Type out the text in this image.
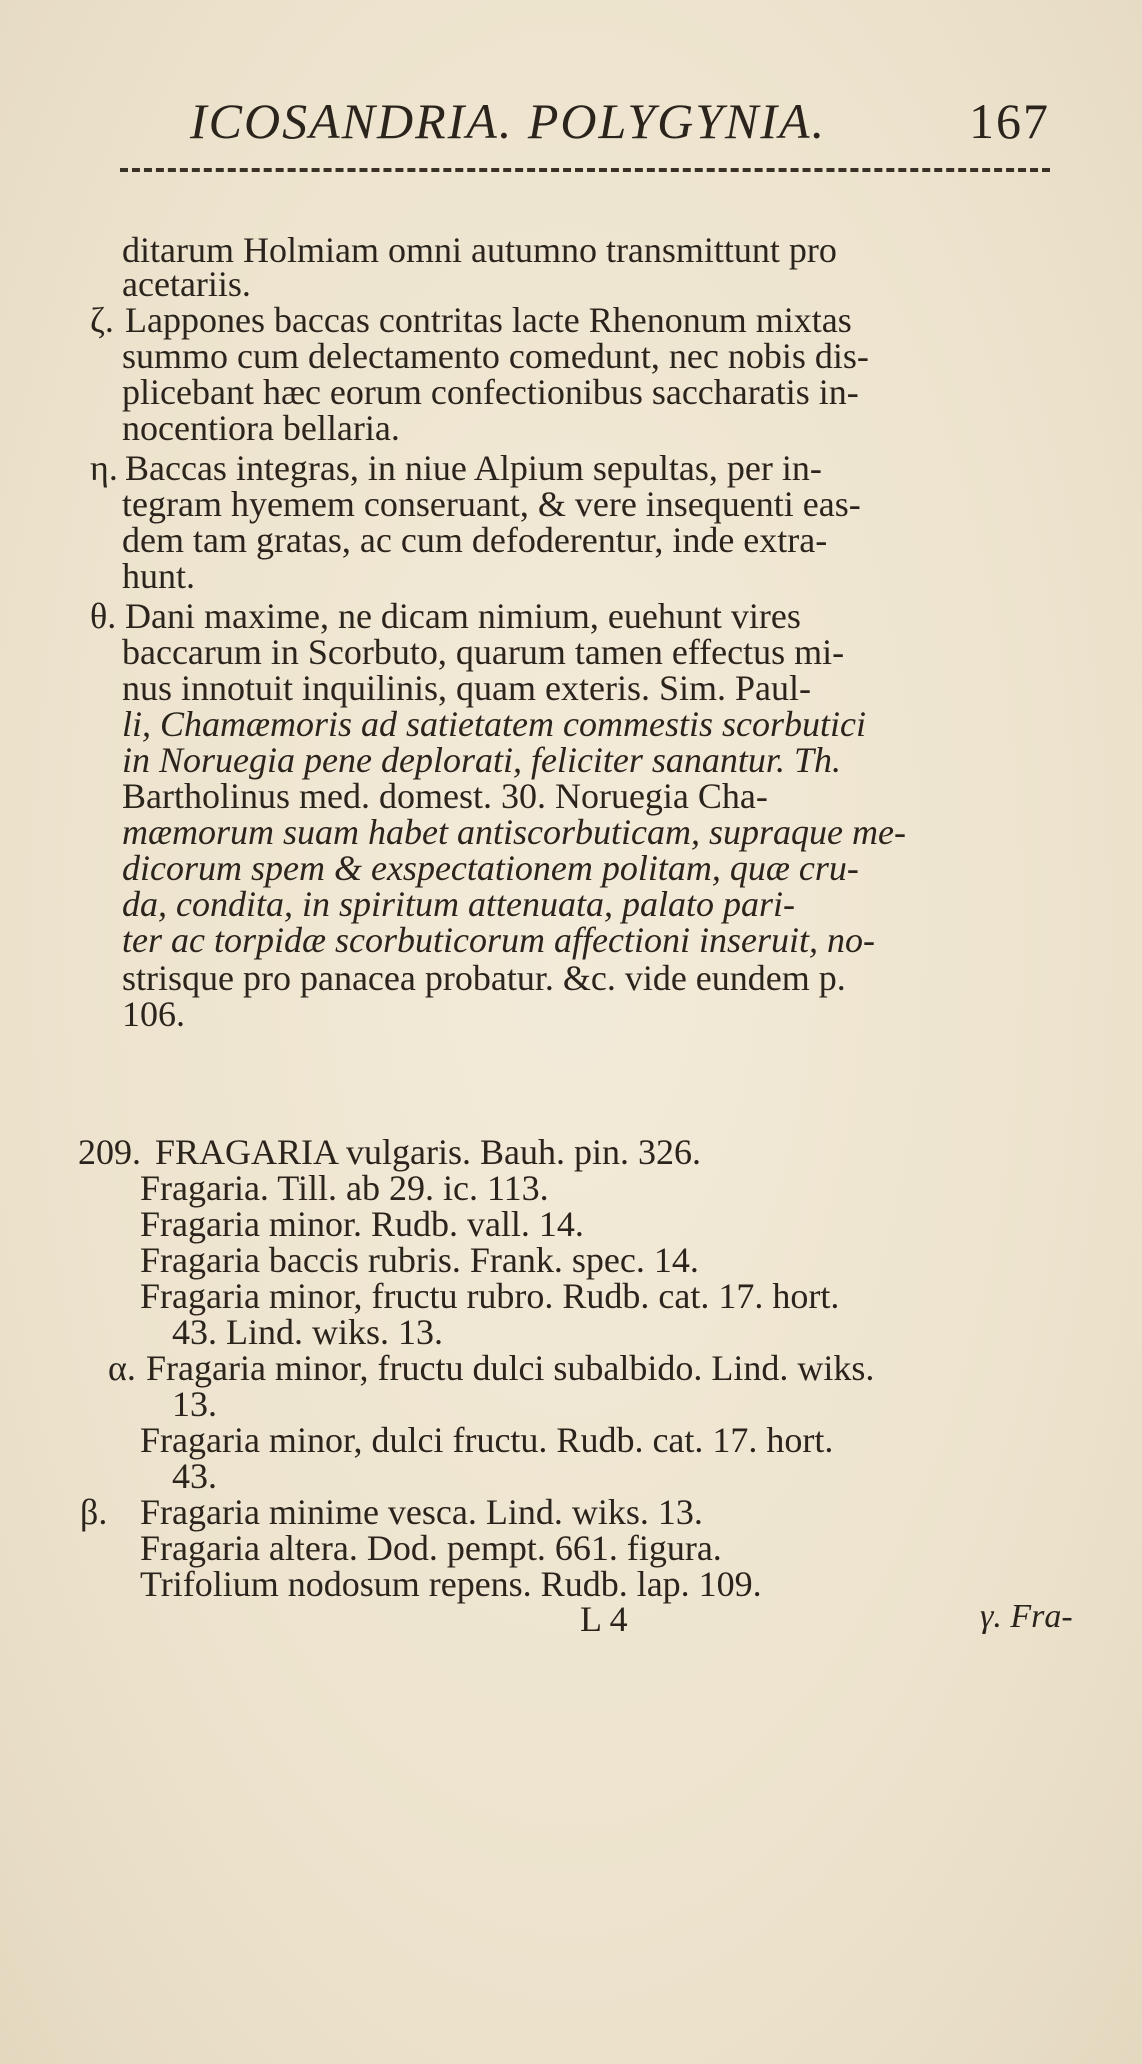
ICOSANDRIA. POLYGYNIA.	167
ditarum Holmiam omni autumno transmittunt pro
acetariis.
ζ. Lappones baccas contritas lacte Rhenonum mixtas
summo cum delectamento comedunt, nec nobis dis-
plicebant hæc eorum confectionibus saccharatis in-
nocentiora bellaria.
η. Baccas integras, in niue Alpium sepultas, per in-
tegram hyemem conseruant, & vere insequenti eas-
dem tam gratas, ac cum defoderentur, inde extra-
hunt.
θ. Dani maxime, ne dicam nimium, euehunt vires
baccarum in Scorbuto, quarum tamen effectus mi-
nus innotuit inquilinis, quam exteris. Sim. Paul-
li, Chamæmoris ad satietatem commestis scorbutici
in Noruegia pene deplorati, feliciter sanantur. Th.
Bartholinus med. domest. 30. Noruegia Cha-
mæmorum suam habet antiscorbuticam, supraque me-
dicorum spem & exspectationem politam, quæ cru-
da, condita, in spiritum attenuata, palato pari-
ter ac torpidæ scorbuticorum affectioni inseruit, no-
strisque pro panacea probatur. &c. vide eundem p.
106.
209. FRAGARIA vulgaris. Bauh. pin. 326.
Fragaria. Till. ab 29. ic. 113.
Fragaria minor. Rudb. vall. 14.
Fragaria baccis rubris. Frank. spec. 14.
Fragaria minor, fructu rubro. Rudb. cat. 17. hort.
43. Lind. wiks. 13.
α. Fragaria minor, fructu dulci subalbido. Lind. wiks.
13.
Fragaria minor, dulci fructu. Rudb. cat. 17. hort.
43.
β. Fragaria minime vesca. Lind. wiks. 13.
Fragaria altera. Dod. pempt. 661. figura.
Trifolium nodosum repens. Rudb. lap. 109.
L 4	γ. Fra-
